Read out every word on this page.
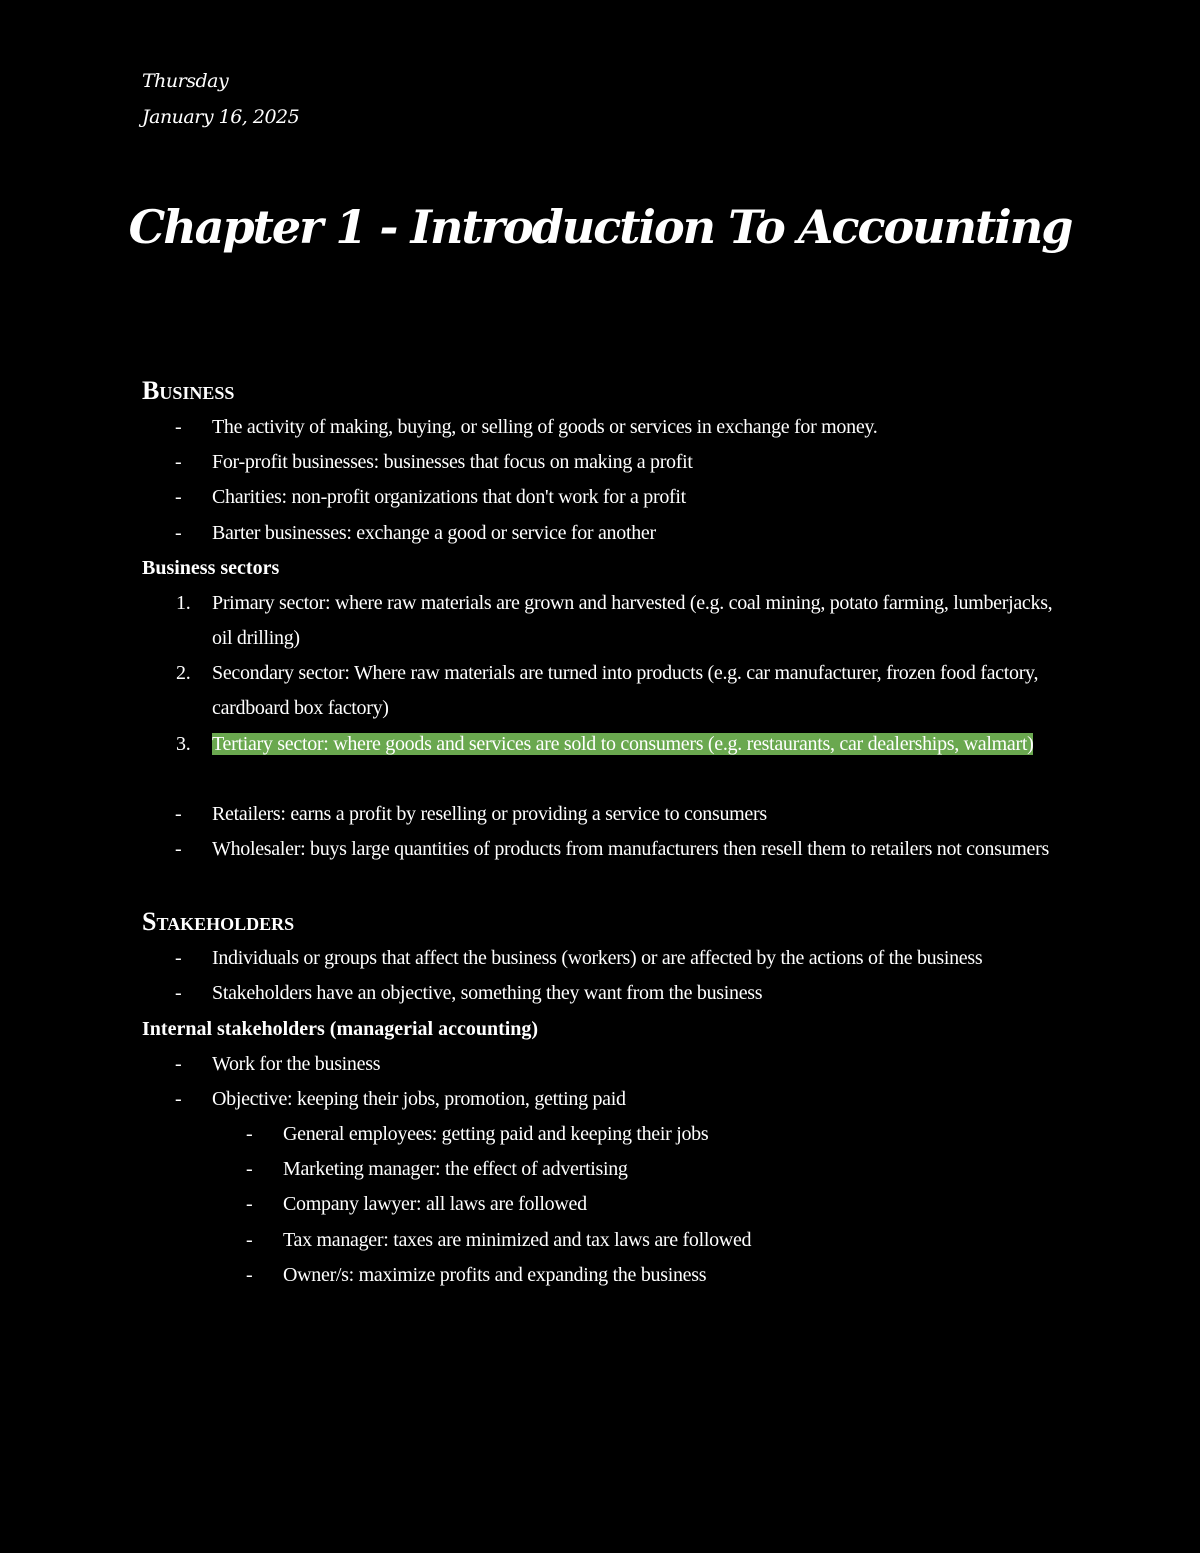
Thursday
January 16, 2025
Chapter 1 - Introduction To Accounting
Business
- The activity of making, buying, or selling of goods or services in exchange for money.
- For-profit businesses: businesses that focus on making a profit
- Charities: non-profit organizations that don't work for a profit
- Barter businesses: exchange a good or service for another
Business sectors
1. Primary sector: where raw materials are grown and harvested (e.g. coal mining, potato farming, lumberjacks, oil drilling)
2. Secondary sector: Where raw materials are turned into products (e.g. car manufacturer, frozen food factory, cardboard box factory)
3. Tertiary sector: where goods and services are sold to consumers (e.g. restaurants, car dealerships, walmart)
- Retailers: earns a profit by reselling or providing a service to consumers
- Wholesaler: buys large quantities of products from manufacturers then resell them to retailers not consumers
Stakeholders
- Individuals or groups that affect the business (workers) or are affected by the actions of the business
- Stakeholders have an objective, something they want from the business
Internal stakeholders (managerial accounting)
- Work for the business
- Objective: keeping their jobs, promotion, getting paid
- General employees: getting paid and keeping their jobs
- Marketing manager: the effect of advertising
- Company lawyer: all laws are followed
- Tax manager: taxes are minimized and tax laws are followed
- Owner/s: maximize profits and expanding the business
